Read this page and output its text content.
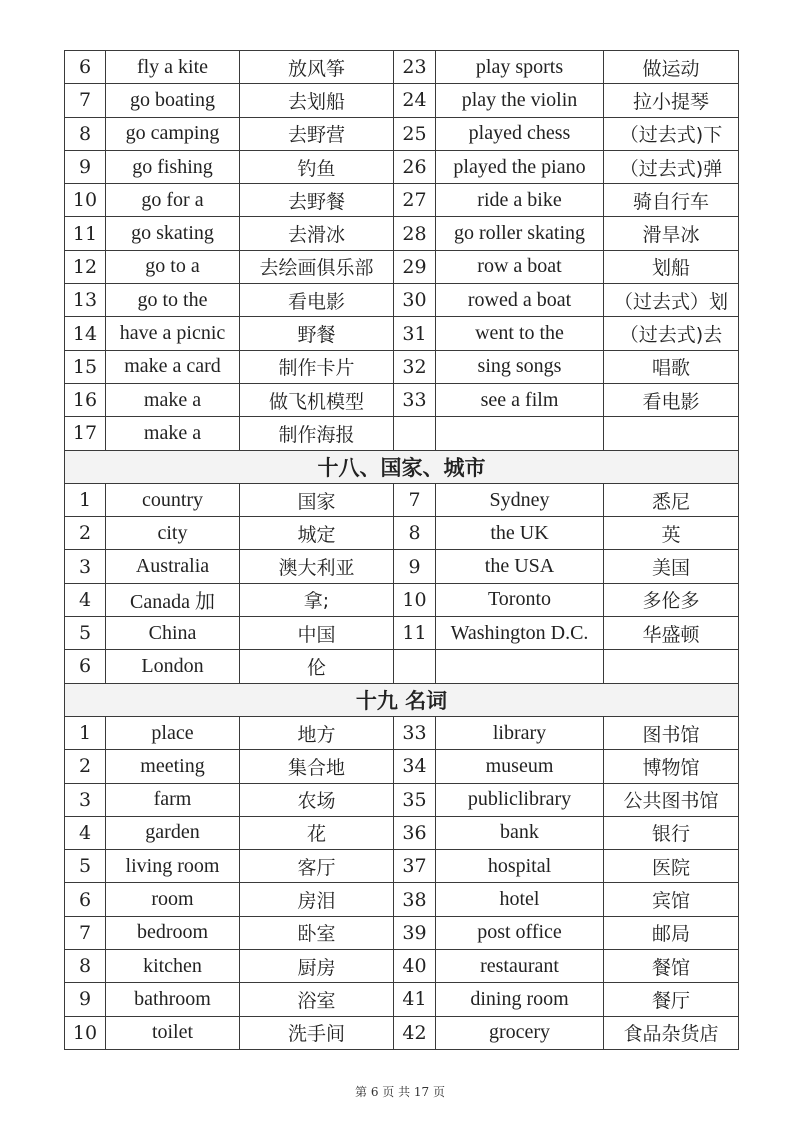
6	fly a kite	放风筝	23	play sports	做运动
7	go boating	去划船	24	play the violin	拉小提琴
8	go camping	去野营	25	played chess	（过去式)下
9	go fishing	钓鱼	26	played the piano	（过去式)弹
10	go for a	去野餐	27	ride a bike	骑自行车
11	go skating	去滑冰	28	go roller skating	滑旱冰
12	go to a	去绘画俱乐部	29	row a boat	划船
13	go to the	看电影	30	rowed a boat	（过去式）划
14	have a picnic	野餐	31	went to the	（过去式)去
15	make a card	制作卡片	32	sing songs	唱歌
16	make a	做飞机模型	33	see a film	看电影
17	make a	制作海报			
十八、国家、城市					
1	country	国家	7	Sydney	悉尼
2	city	城定	8	the UK	英
3	Australia	澳大利亚	9	the USA	美国
4	Canada 加	拿;	10	Toronto	多伦多
5	China	中国	11	Washington D.C.	华盛顿
6	London	伦			
十九 名词					
1	place	地方	33	library	图书馆
2	meeting	集合地	34	museum	博物馆
3	farm	农场	35	publiclibrary	公共图书馆
4	garden	花	36	bank	银行
5	living room	客厅	37	hospital	医院
6	room	房泪	38	hotel	宾馆
7	bedroom	卧室	39	post office	邮局
8	kitchen	厨房	40	restaurant	餐馆
9	bathroom	浴室	41	dining room	餐厅
10	toilet	洗手间	42	grocery	食品杂货店
第 6 页 共 17 页
